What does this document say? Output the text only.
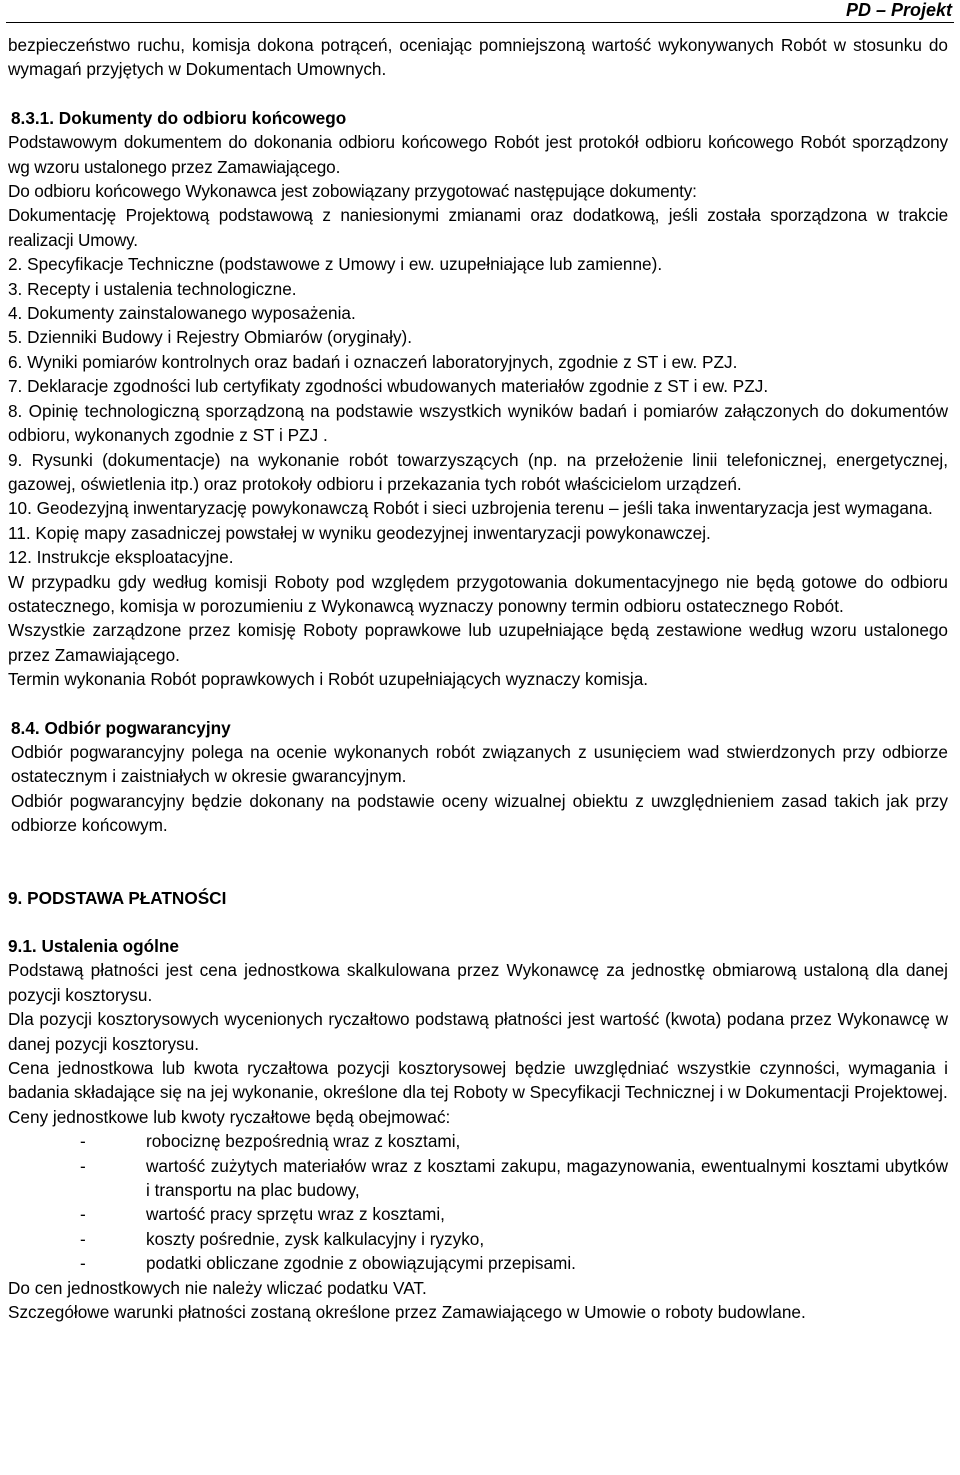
PD – Projekt

bezpieczeństwo ruchu, komisja dokona potrąceń, oceniając pomniejszoną wartość wykonywanych Robót w stosunku do wymagań przyjętych w Dokumentach Umownych.

8.3.1. Dokumenty do odbioru końcowego

Podstawowym dokumentem do dokonania odbioru końcowego Robót jest protokół odbioru końcowego Robót sporządzony wg wzoru ustalonego przez Zamawiającego.

Do odbioru końcowego Wykonawca jest zobowiązany przygotować następujące dokumenty:

Dokumentację Projektową podstawową z naniesionymi zmianami oraz dodatkową, jeśli została sporządzona w trakcie realizacji Umowy.

2. Specyfikacje Techniczne (podstawowe z Umowy i ew. uzupełniające lub zamienne).

3. Recepty i ustalenia technologiczne.

4. Dokumenty zainstalowanego wyposażenia.

5. Dzienniki Budowy i Rejestry Obmiarów (oryginały).

6. Wyniki pomiarów kontrolnych oraz badań i oznaczeń laboratoryjnych, zgodnie z ST i ew. PZJ.

7. Deklaracje zgodności lub certyfikaty zgodności wbudowanych materiałów zgodnie z ST i ew. PZJ.

8. Opinię technologiczną sporządzoną na podstawie wszystkich wyników badań i pomiarów załączonych do dokumentów odbioru, wykonanych zgodnie z ST i PZJ .

9. Rysunki (dokumentacje) na wykonanie robót towarzyszących (np. na przełożenie linii telefonicznej, energetycznej, gazowej, oświetlenia itp.) oraz protokoły odbioru i przekazania tych robót właścicielom urządzeń.

10. Geodezyjną inwentaryzację powykonawczą Robót i sieci uzbrojenia terenu – jeśli taka inwentaryzacja jest wymagana.

11. Kopię mapy zasadniczej powstałej w wyniku geodezyjnej inwentaryzacji powykonawczej.

12. Instrukcje eksploatacyjne.

W przypadku gdy według komisji Roboty pod względem przygotowania dokumentacyjnego nie będą gotowe do odbioru ostatecznego, komisja w porozumieniu z Wykonawcą wyznaczy ponowny termin odbioru ostatecznego Robót.

Wszystkie zarządzone przez komisję Roboty poprawkowe lub uzupełniające będą zestawione według wzoru ustalonego przez Zamawiającego.

Termin wykonania Robót poprawkowych i Robót uzupełniających wyznaczy komisja.

8.4. Odbiór pogwarancyjny

Odbiór pogwarancyjny polega na ocenie wykonanych robót związanych z usunięciem wad stwierdzonych przy odbiorze ostatecznym i zaistniałych w okresie gwarancyjnym.

Odbiór pogwarancyjny będzie dokonany na podstawie oceny wizualnej obiektu z uwzględnieniem zasad takich jak przy odbiorze końcowym.

9. PODSTAWA PŁATNOŚCI

9.1. Ustalenia ogólne

Podstawą płatności jest cena jednostkowa skalkulowana przez Wykonawcę za jednostkę obmiarową ustaloną dla danej pozycji kosztorysu.

Dla pozycji kosztorysowych wycenionych ryczałtowo podstawą płatności jest wartość (kwota) podana przez Wykonawcę w danej pozycji kosztorysu.

Cena jednostkowa lub kwota ryczałtowa pozycji kosztorysowej będzie uwzględniać wszystkie czynności, wymagania i badania składające się na jej wykonanie, określone dla tej Roboty w Specyfikacji Technicznej i w Dokumentacji Projektowej.

Ceny jednostkowe lub kwoty ryczałtowe będą obejmować:

-	robociznę bezpośrednią wraz z kosztami,
-	wartość zużytych materiałów wraz z kosztami zakupu, magazynowania, ewentualnymi kosztami ubytków i transportu na plac budowy,
-	wartość pracy sprzętu wraz z kosztami,
-	koszty pośrednie, zysk kalkulacyjny i ryzyko,
-	podatki obliczane zgodnie z obowiązującymi przepisami.

Do cen jednostkowych nie należy wliczać podatku VAT.

Szczegółowe warunki płatności zostaną określone przez Zamawiającego w Umowie o roboty budowlane.
